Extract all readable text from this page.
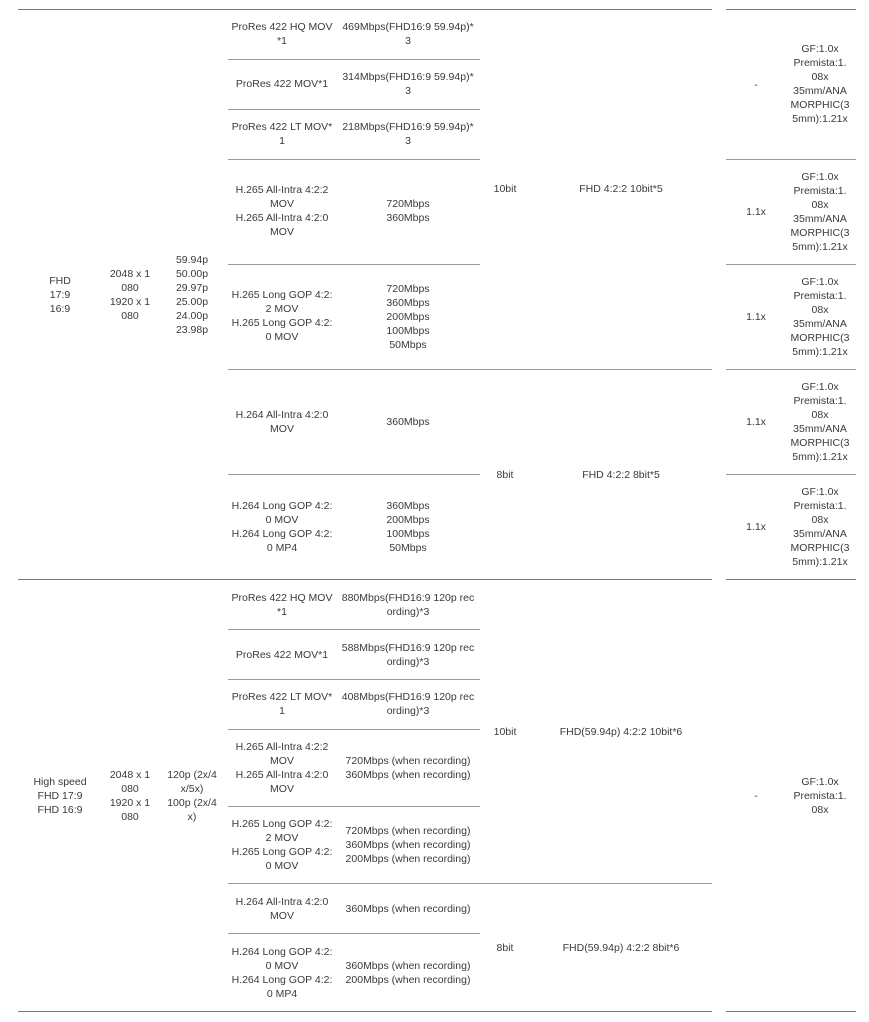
FHD
17:9
16:9
2048 x 1
080
1920 x 1
080
59.94p
50.00p
29.97p
25.00p
24.00p
23.98p
ProRes 422 HQ MOV
*1
469Mbps(FHD16:9 59.94p)*
3
ProRes 422 MOV*1
314Mbps(FHD16:9 59.94p)*
3
ProRes 422 LT MOV*
1
218Mbps(FHD16:9 59.94p)*
3
H.265 All-Intra 4:2:2
MOV
H.265 All-Intra 4:2:0
MOV
720Mbps
360Mbps
H.265 Long GOP 4:2:
2 MOV
H.265 Long GOP 4:2:
0 MOV
720Mbps
360Mbps
200Mbps
100Mbps
50Mbps
H.264 All-Intra 4:2:0
MOV
360Mbps
H.264 Long GOP 4:2:
0 MOV
H.264 Long GOP 4:2:
0 MP4
360Mbps
200Mbps
100Mbps
50Mbps
10bit
8bit
FHD 4:2:2 10bit*5
FHD 4:2:2 8bit*5
-
GF:1.0x
Premista:1.
08x
35mm/ANA
MORPHIC(3
5mm):1.21x
1.1x
GF:1.0x
Premista:1.
08x
35mm/ANA
MORPHIC(3
5mm):1.21x
1.1x
GF:1.0x
Premista:1.
08x
35mm/ANA
MORPHIC(3
5mm):1.21x
1.1x
GF:1.0x
Premista:1.
08x
35mm/ANA
MORPHIC(3
5mm):1.21x
1.1x
GF:1.0x
Premista:1.
08x
35mm/ANA
MORPHIC(3
5mm):1.21x
High speed
FHD 17:9
FHD 16:9
2048 x 1
080
1920 x 1
080
120p (2x/4
x/5x)
100p (2x/4
x)
ProRes 422 HQ MOV
*1
880Mbps(FHD16:9 120p rec
ording)*3
ProRes 422 MOV*1
588Mbps(FHD16:9 120p rec
ording)*3
ProRes 422 LT MOV*
1
408Mbps(FHD16:9 120p rec
ording)*3
H.265 All-Intra 4:2:2
MOV
H.265 All-Intra 4:2:0
MOV
720Mbps (when recording)
360Mbps (when recording)
H.265 Long GOP 4:2:
2 MOV
H.265 Long GOP 4:2:
0 MOV
720Mbps (when recording)
360Mbps (when recording)
200Mbps (when recording)
H.264 All-Intra 4:2:0
MOV
360Mbps (when recording)
H.264 Long GOP 4:2:
0 MOV
H.264 Long GOP 4:2:
0 MP4
360Mbps (when recording)
200Mbps (when recording)
10bit
8bit
FHD(59.94p) 4:2:2 10bit*6
FHD(59.94p) 4:2:2 8bit*6
-
GF:1.0x
Premista:1.
08x
